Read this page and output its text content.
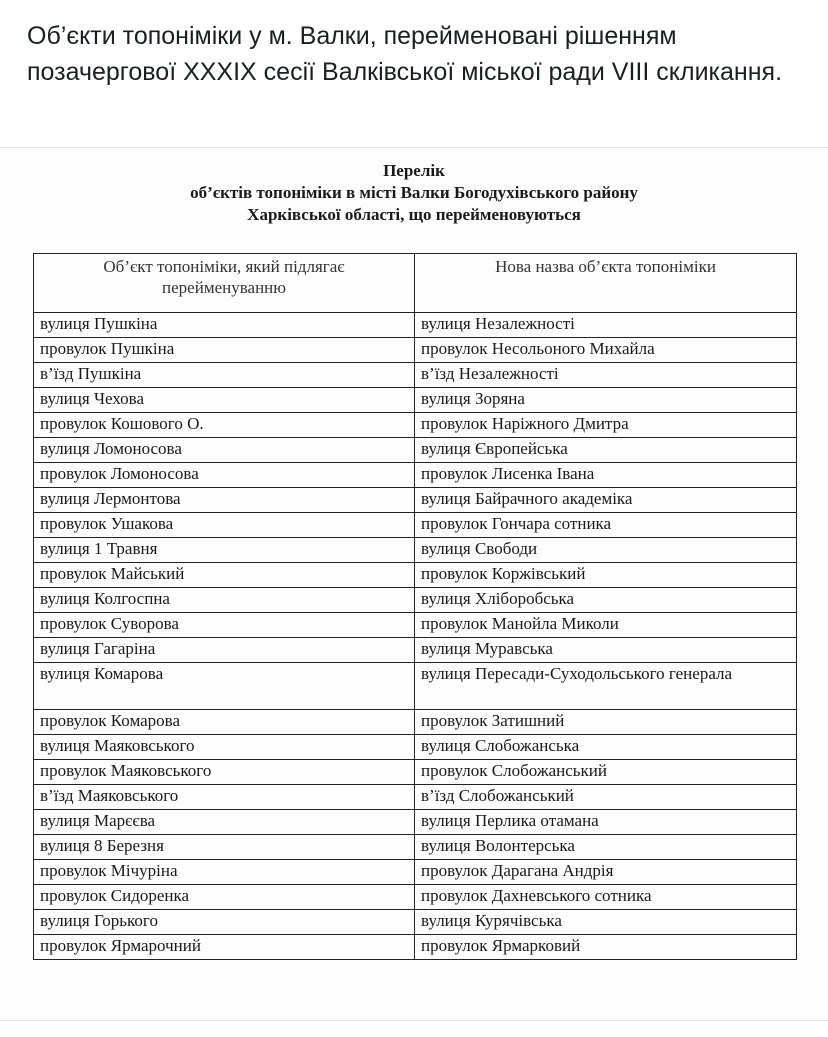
Об’єкти топоніміки у м. Валки, перейменовані рішенням позачергової XXXIX сесії Валківської міської ради VIII скликання.

Перелік
об’єктів топоніміки в місті Валки Богодухівського району
Харківської області, що перейменовуються
Об’єкт топоніміки, який підлягає перейменуванню	Нова назва об’єкта топоніміки
вулиця Пушкіна	вулиця Незалежності
провулок Пушкіна	провулок Несольоного Михайла
в’їзд Пушкіна	в’їзд Незалежності
вулиця Чехова	вулиця Зоряна
провулок Кошового О.	провулок Наріжного Дмитра
вулиця Ломоносова	вулиця Європейська
провулок Ломоносова	провулок Лисенка Івана
вулиця Лермонтова	вулиця Байрачного академіка
провулок Ушакова	провулок Гончара сотника
вулиця 1 Травня	вулиця Свободи
провулок Майський	провулок Коржівський
вулиця Колгоспна	вулиця Хліборобська
провулок Суворова	провулок Манойла Миколи
вулиця Гагаріна	вулиця Муравська
вулиця Комарова	вулиця Пересади-Суходольського генерала
провулок Комарова	провулок Затишний
вулиця Маяковського	вулиця Слобожанська
провулок Маяковського	провулок Слобожанський
в’їзд Маяковського	в’їзд Слобожанський
вулиця Марєєва	вулиця Перлика отамана
вулиця 8 Березня	вулиця Волонтерська
провулок Мічуріна	провулок Дарагана Андрія
провулок Сидоренка	провулок Дахневського сотника
вулиця Горького	вулиця Курячівська
провулок Ярмарочний	провулок Ярмарковий
